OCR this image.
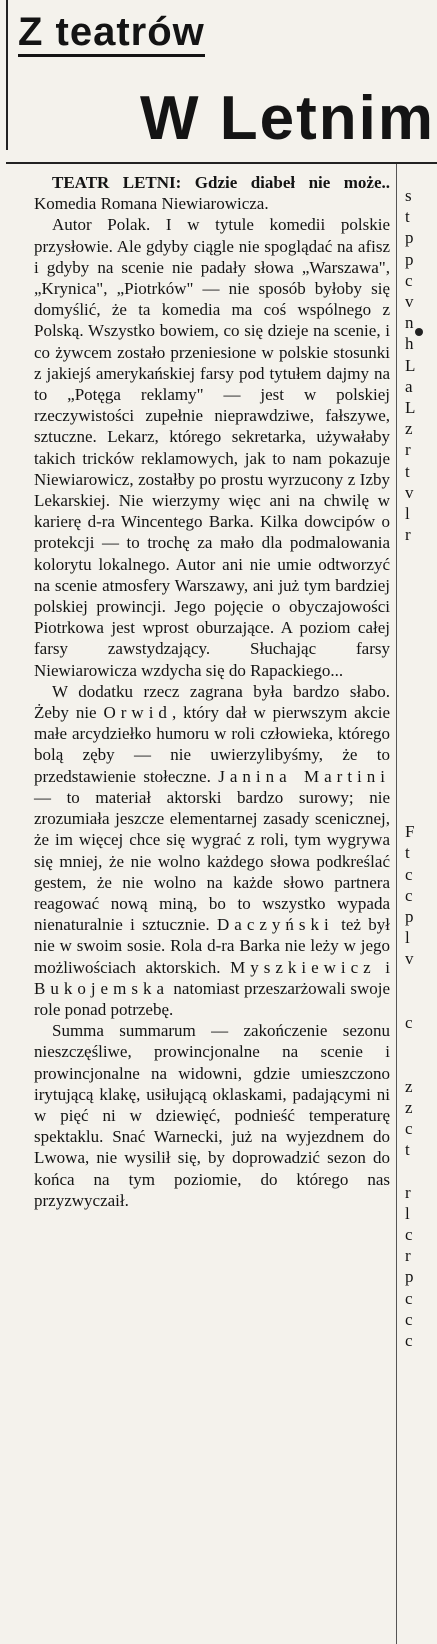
Z teatrów
W Letnim

TEATR LETNI: Gdzie diabeł nie może.. Komedia Romana Niewiarowicza.

Autor Polak. I w tytule komedii polskie przysłowie. Ale gdyby ciągle nie spoglądać na afisz i gdyby na scenie nie padały słowa „Warszawa", „Krynica", „Piotrków" — nie sposób byłoby się domyślić, że ta komedia ma coś wspólnego z Polską. Wszystko bowiem, co się dzieje na scenie, i co żywcem zostało przeniesione w polskie stosunki z jakiejś amerykańskiej farsy pod tytułem dajmy na to „Potęga reklamy" — jest w polskiej rzeczywistości zupełnie nieprawdziwe, fałszywe, sztuczne. Lekarz, którego sekretarka, używałaby takich tricków reklamowych, jak to nam pokazuje Niewiarowicz, zostałby po prostu wyrzucony z Izby Lekarskiej. Nie wierzymy więc ani na chwilę w karierę d-ra Wincentego Barka. Kilka dowcipów o protekcji — to trochę za mało dla podmalowania kolorytu lokalnego. Autor ani nie umie odtworzyć na scenie atmosfery Warszawy, ani już tym bardziej polskiej prowincji. Jego pojęcie o obyczajowości Piotrkowa jest wprost oburzające. A poziom całej farsy zawstydzający. Słuchając farsy Niewiarowicza wzdycha się do Rapackiego...

W dodatku rzecz zagrana była bardzo słabo. Żeby nie Orwid, który dał w pierwszym akcie małe arcydziełko humoru w roli człowieka, którego bolą zęby — nie uwierzylibyśmy, że to przedstawienie stołeczne. Janina Martini — to materiał aktorski bardzo surowy; nie zrozumiała jeszcze elementarnej zasady scenicznej, że im więcej chce się wygrać z roli, tym wygrywa się mniej, że nie wolno każdego słowa podkreślać gestem, że nie wolno na każde słowo partnera reagować nową miną, bo to wszystko wypada nienaturalnie i sztucznie. Daczyński też był nie w swoim sosie. Rola d-ra Barka nie leży w jego możliwościach aktorskich. Myszkiewicz i Bukojemska natomiast przeszarżowali swoje role ponad potrzebę.

Summa summarum — zakończenie sezonu nieszczęśliwe, prowincjonalne na scenie i prowincjonalne na widowni, gdzie umieszczono irytującą klakę, usiłującą oklaskami, padającymi ni w pięć ni w dziewięć, podnieść temperaturę spektaklu. Snać Warnecki, już na wyjezdnem do Lwowa, nie wysilił się, by doprowadzić sezon do końca na tym poziomie, do którego nas przyzwyczaił.

s
t
p
p
c
v
n
h
L
a
L
z
r
t
v
l
r

F
t
c
c
p
l
v

c

z
z
c
t

r
l
c
r
p
c
c
c
